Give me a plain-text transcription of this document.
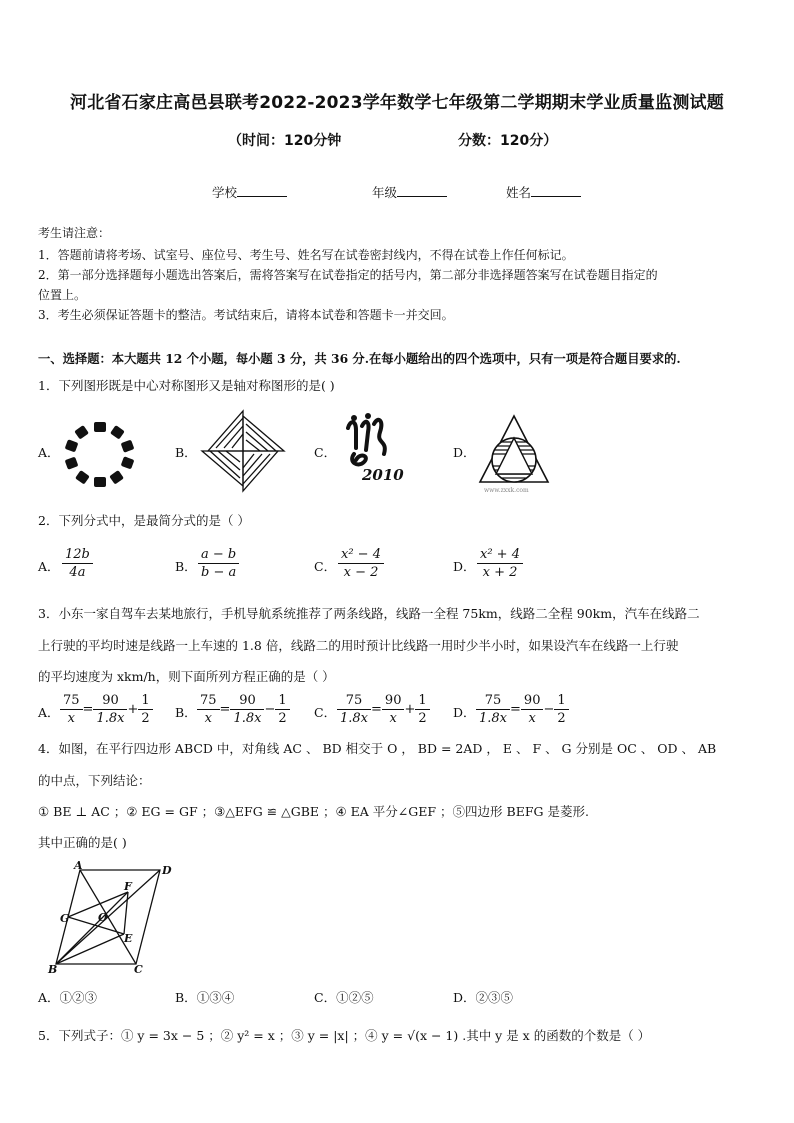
河北省石家庄高邑县联考2022-2023学年数学七年级第二学期期末学业质量监测试题
（时间：120分钟	分数：120分）
学校	年级	姓名
考生请注意：
1．答题前请将考场、试室号、座位号、考生号、姓名写在试卷密封线内，不得在试卷上作任何标记。
2．第一部分选择题每小题选出答案后，需将答案写在试卷指定的括号内，第二部分非选择题答案写在试卷题目指定的
位置上。
3．考生必须保证答题卡的整洁。考试结束后，请将本试卷和答题卡一并交回。
一、选择题：本大题共 12 个小题，每小题 3 分，共 36 分.在每小题给出的四个选项中，只有一项是符合题目要求的.
1．下列图形既是中心对称图形又是轴对称图形的是( )
A．	B．	C．	D．
2010
www.zxxk.com
2．下列分式中，是最简分式的是（ ）
A． $\frac{12b}{4a}$	B． $\frac{a - b}{b - a}$	C． $\frac{\text{x² − 4}}{x - 2}$	D． $\frac{\text{x² + 4}}{x + 2}$
3．小东一家自驾车去某地旅行，手机导航系统推荐了两条线路，线路一全程 75km，线路二全程 90km，汽车在线路二
上行驶的平均时速是线路一上车速的 1.8 倍，线路二的用时预计比线路一用时少半小时，如果设汽车在线路一上行驶
的平均速度为 xkm/h，则下面所列方程正确的是（ ）
A． $\frac{75}{x} = \frac{90}{1.8x} + \frac{1}{2}$ B． $\frac{75}{x} = \frac{90}{1.8x} - \frac{1}{2}$ C． $\frac{75}{1.8x} = \frac{90}{x} + \frac{1}{2}$ D． $\frac{75}{1.8x} = \frac{90}{x} - \frac{1}{2}$
4．如图，在平行四边形 ABCD 中，对角线 AC 、 BD 相交于 O ， BD = 2AD ， E 、 F 、 G 分别是 OC 、 OD 、 AB
的中点，下列结论：
① BE ⊥ AC ；② EG = GF ；③△EFG ≌ △GBE ；④ EA 平分∠GEF ；⑤四边形 BEFG 是菱形.
其中正确的是( )
A	D
F
G	O
E
B	C
A．①②③	B．①③④	C．①②⑤	D．②③⑤
5．下列式子：① y = 3x − 5 ；② y² = x ；③ y = |x| ；④ y = √(x − 1) .其中 y 是 x 的函数的个数是（ ）
